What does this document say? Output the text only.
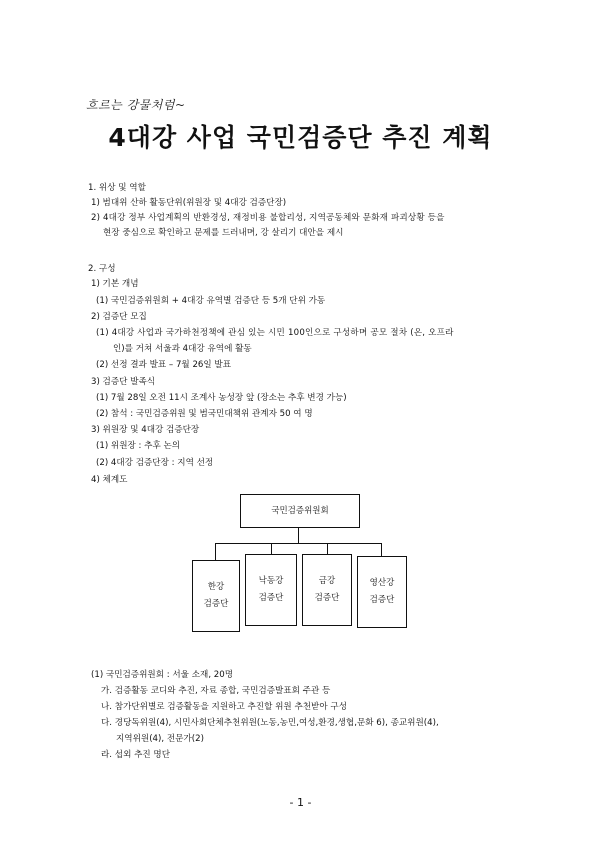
흐르는 강물처럼~
4대강 사업 국민검증단 추진 계획
1. 위상 및 역할
1) 범대위 산하 활동단위(위원장 및 4대강 검증단장)
2) 4대강 정부 사업계획의 반환경성, 재정비용 불합리성, 지역공동체와 문화재 파괴상황 등을
현장 중심으로 확인하고 문제를 드러내며, 강 살리기 대안을 제시
2. 구성
1) 기본 개념
(1) 국민검증위원회 + 4대강 유역별 검증단 등 5개 단위 가동
2) 검증단 모집
(1) 4대강 사업과 국가하천정책에 관심 있는 시민 100인으로 구성하며 공모 절차 (온, 오프라
인)를 거쳐 서울과 4대강 유역에 활동
(2) 선정 결과 발표 – 7월 26일 발표
3) 검증단 발족식
(1) 7월 28일 오전 11시 조계사 농성장 앞 (장소는 추후 변경 가능)
(2) 참석 : 국민검증위원 및 범국민대책위 관계자 50 여 명
3) 위원장 및 4대강 검증단장
(1) 위원장 : 추후 논의
(2) 4대강 검증단장 : 지역 선정
4) 체계도
국민검증위원회
한강
검증단
낙동강
검증단
금강
검증단
영산강
검증단
(1) 국민검증위원회 : 서울 소재, 20명
가. 검증활동 코디와 추진, 자료 종합, 국민검증발표회 주관 등
나. 참가단위별로 검증활동을 지원하고 추진할 위원 추천받아 구성
다. 경당독위원(4), 시민사회단체추천위원(노동,농민,여성,환경,생협,문화 6), 종교위원(4),
지역위원(4), 전문가(2)
라. 섭외 추진 명단
- 1 -
